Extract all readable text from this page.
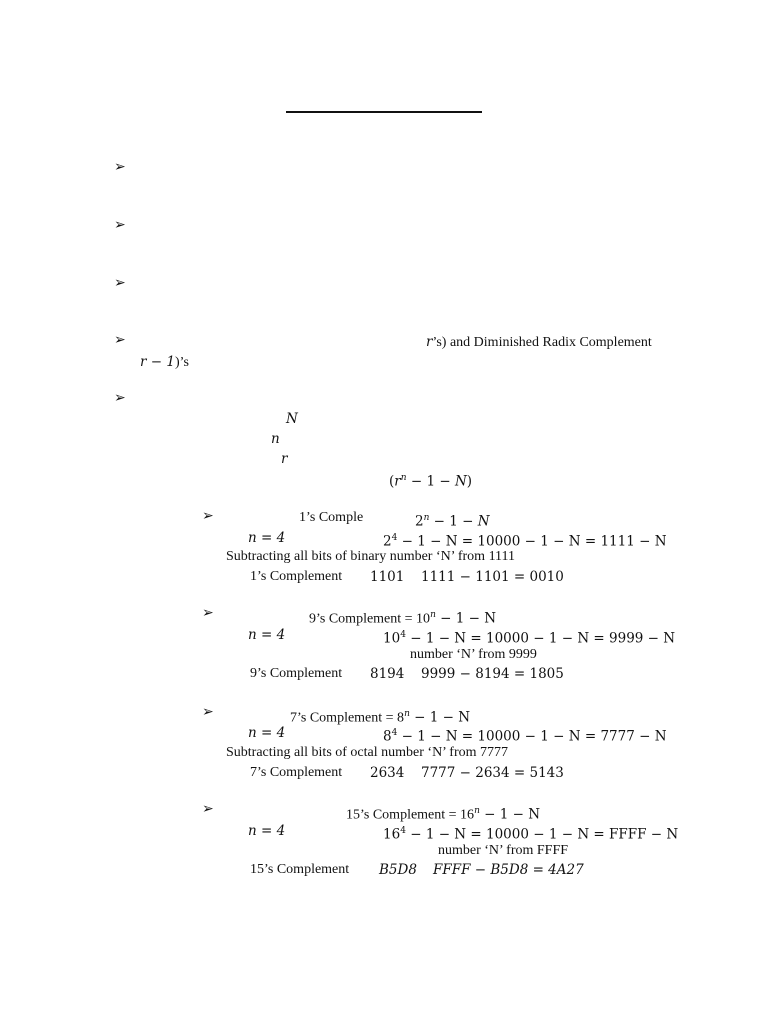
➢
➢
➢
➢
➢
r’s) and Diminished Radix Complement
r − 1)’s
N
n
r
$(r^n - 1 - N)$
➢	1’s Comple	$2^n - 1 - N$
n = 4	$2^4 - 1 - N = 10000 - 1 - N = 1111 - N$
Subtracting all bits of binary number ‘N’ from 1111
1’s Complement 1101 1111 − 1101 = 0010
➢	9’s Complement = $10^n - 1 - N$
n = 4	$10^4 - 1 - N = 10000 - 1 - N = 9999 - N$
number ‘N’ from 9999
9’s Complement 8194 9999 − 8194 = 1805
➢	7’s Complement = $8^n - 1 - N$
n = 4	$8^4 - 1 - N = 10000 - 1 - N = 7777 - N$
Subtracting all bits of octal number ‘N’ from 7777
7’s Complement 2634 7777 − 2634 = 5143
➢	15’s Complement = $16^n - 1 - N$
n = 4	$16^4 - 1 - N = 10000 - 1 - N$ = FFFF − N
number ‘N’ from FFFF
15’s Complement B5D8 FFFF − B5D8 = 4A27
